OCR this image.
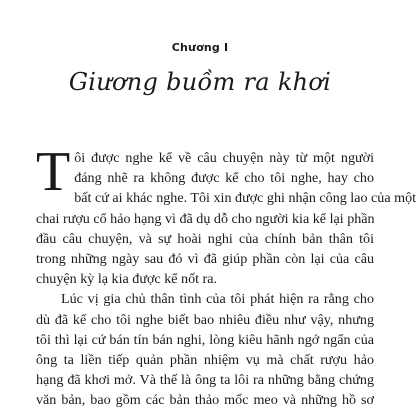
Chương I
Giương buồm ra khơi
T ôi được nghe kể về câu chuyện này từ một người
đáng nhẽ ra không được kể cho tôi nghe, hay cho
bất cứ ai khác nghe. Tôi xin được ghi nhận công lao của một
chai rượu cổ hảo hạng vì đã dụ dỗ cho người kia kể lại phần
đầu câu chuyện, và sự hoài nghi của chính bản thân tôi
trong những ngày sau đó vì đã giúp phần còn lại của câu
chuyện kỳ lạ kia được kể nốt ra.
Lúc vị gia chủ thân tình của tôi phát hiện ra rằng cho
dù đã kể cho tôi nghe biết bao nhiêu điều như vậy, nhưng
tôi thì lại cứ bán tín bán nghi, lòng kiêu hãnh ngớ ngẩn của
ông ta liền tiếp quản phần nhiệm vụ mà chất rượu hảo
hạng đã khơi mở. Và thế là ông ta lôi ra những bằng chứng
văn bản, bao gồm các bản thảo mốc meo và những hồ sơ
